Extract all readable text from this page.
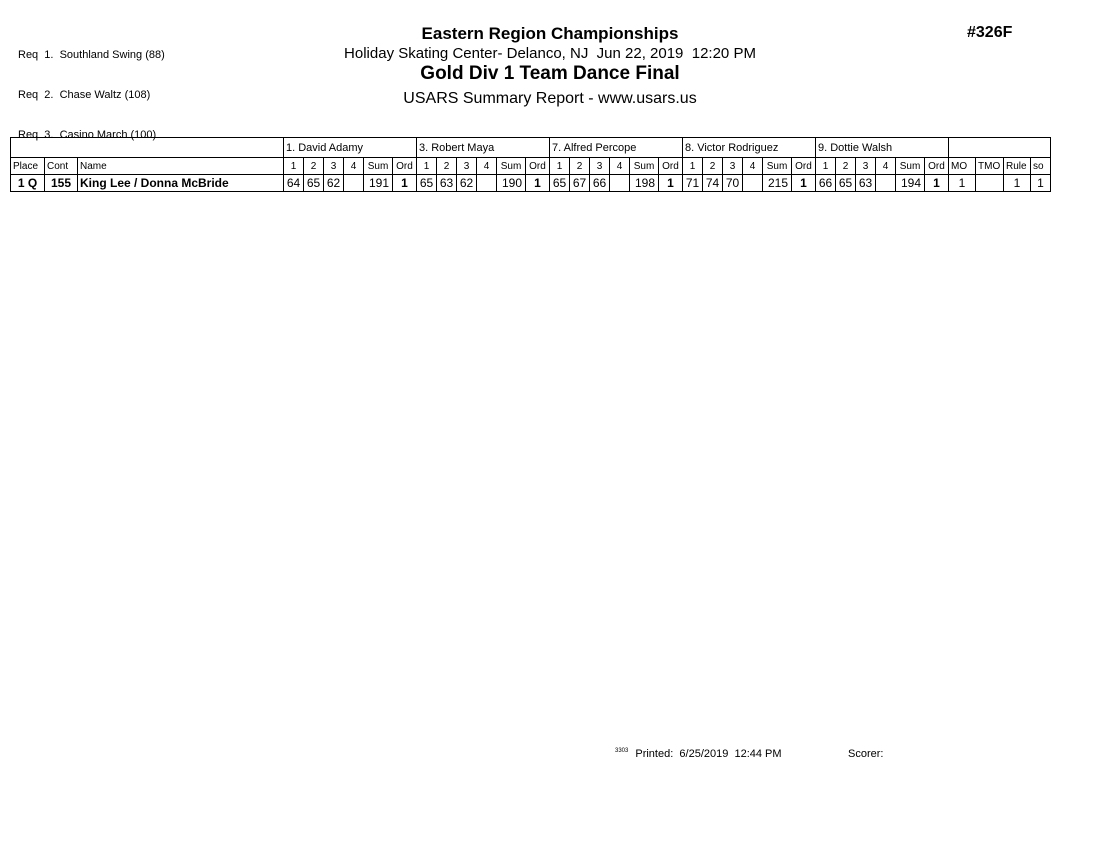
Req  1.  Southland Swing (88)

Req  2.  Chase Waltz (108)

Req  3.  Casino March (100)

Eastern Region Championships
Holiday Skating Center- Delanco, NJ  Jun 22, 2019  12:20 PM
Gold Div 1 Team Dance Final
USARS Summary Report - www.usars.us
#326F
			1. David Adamy						3. Robert Maya						7. Alfred Percope						8. Victor Rodriguez						9. Dottie Walsh									
Place	Cont	Name	1	2	3	4	Sum	Ord	1	2	3	4	Sum	Ord	1	2	3	4	Sum	Ord	1	2	3	4	Sum	Ord	1	2	3	4	Sum	Ord	MO	TMO	Rule	so
1 Q	155	King Lee / Donna McBride	64	65	62		191	1	65	63	62		190	1	65	67	66		198	1	71	74	70		215	1	66	65	63		194	1	1		1	1
$^{3303}$ Printed: 6/25/2019  12:44 PM	Scorer:
